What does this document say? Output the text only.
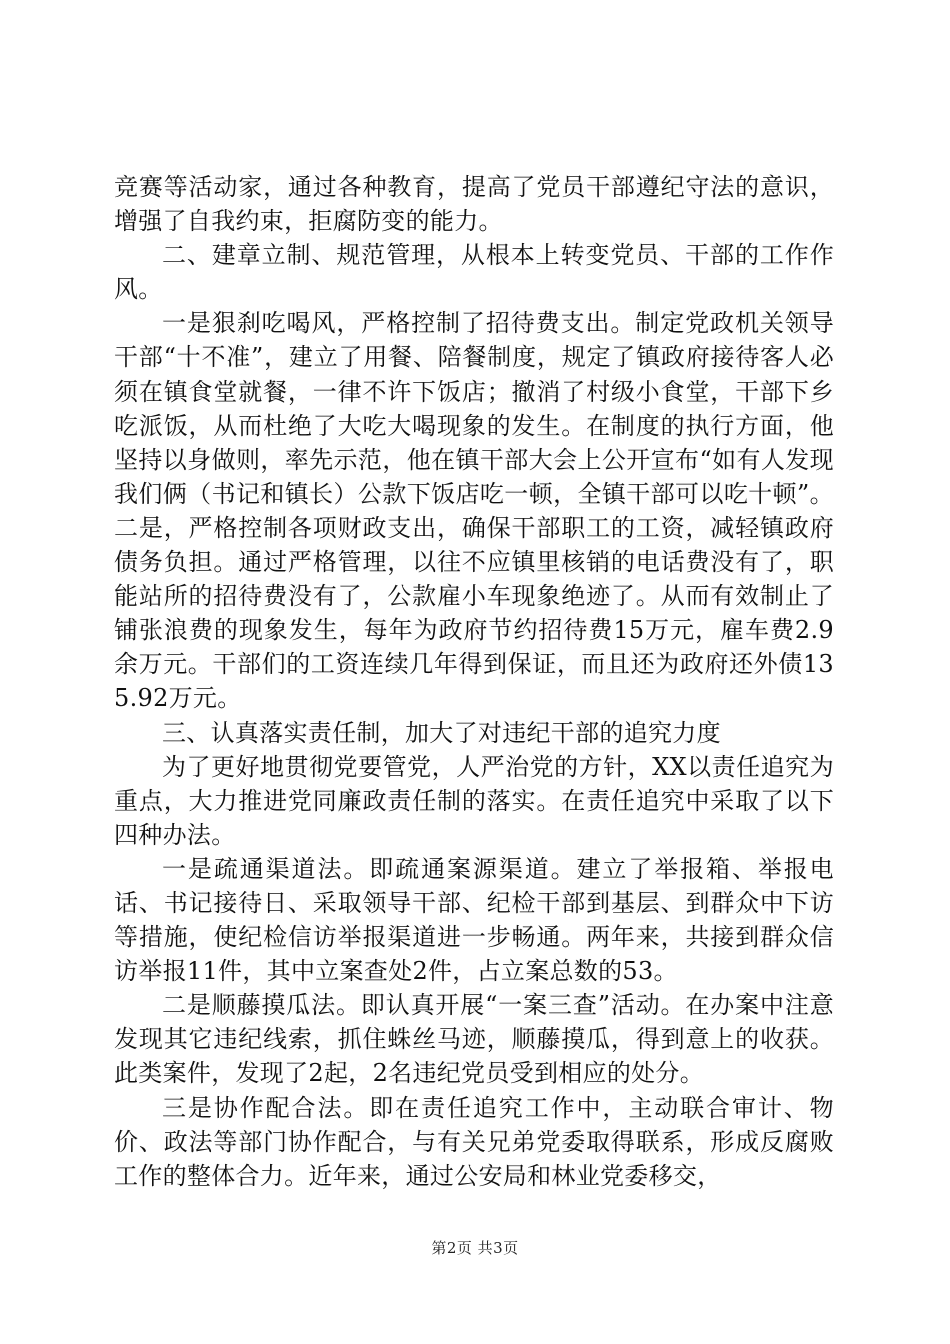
竞赛等活动家，通过各种教育，提高了党员干部遵纪守法的意识，增强了自我约束，拒腐防变的能力。

二、建章立制、规范管理，从根本上转变党员、干部的工作作风。

一是狠刹吃喝风，严格控制了招待费支出。制定党政机关领导干部“十不准”，建立了用餐、陪餐制度，规定了镇政府接待客人必须在镇食堂就餐，一律不许下饭店；撤消了村级小食堂，干部下乡吃派饭，从而杜绝了大吃大喝现象的发生。在制度的执行方面，他坚持以身做则，率先示范，他在镇干部大会上公开宣布“如有人发现我们俩（书记和镇长）公款下饭店吃一顿，全镇干部可以吃十顿”。二是，严格控制各项财政支出，确保干部职工的工资，减轻镇政府债务负担。通过严格管理，以往不应镇里核销的电话费没有了，职能站所的招待费没有了，公款雇小车现象绝迹了。从而有效制止了铺张浪费的现象发生，每年为政府节约招待费15万元，雇车费2.9余万元。干部们的工资连续几年得到保证，而且还为政府还外债135.92万元。

三、认真落实责任制，加大了对违纪干部的追究力度

为了更好地贯彻党要管党，人严治党的方针，XX以责任追究为重点，大力推进党同廉政责任制的落实。在责任追究中采取了以下四种办法。

一是疏通渠道法。即疏通案源渠道。建立了举报箱、举报电话、书记接待日、采取领导干部、纪检干部到基层、到群众中下访等措施，使纪检信访举报渠道进一步畅通。两年来，共接到群众信访举报11件，其中立案查处2件，占立案总数的53。

二是顺藤摸瓜法。即认真开展“一案三查”活动。在办案中注意发现其它违纪线索，抓住蛛丝马迹，顺藤摸瓜，得到意上的收获。此类案件，发现了2起，2名违纪党员受到相应的处分。

三是协作配合法。即在责任追究工作中，主动联合审计、物价、政法等部门协作配合，与有关兄弟党委取得联系，形成反腐败工作的整体合力。近年来，通过公安局和林业党委移交，

第2页 共3页
